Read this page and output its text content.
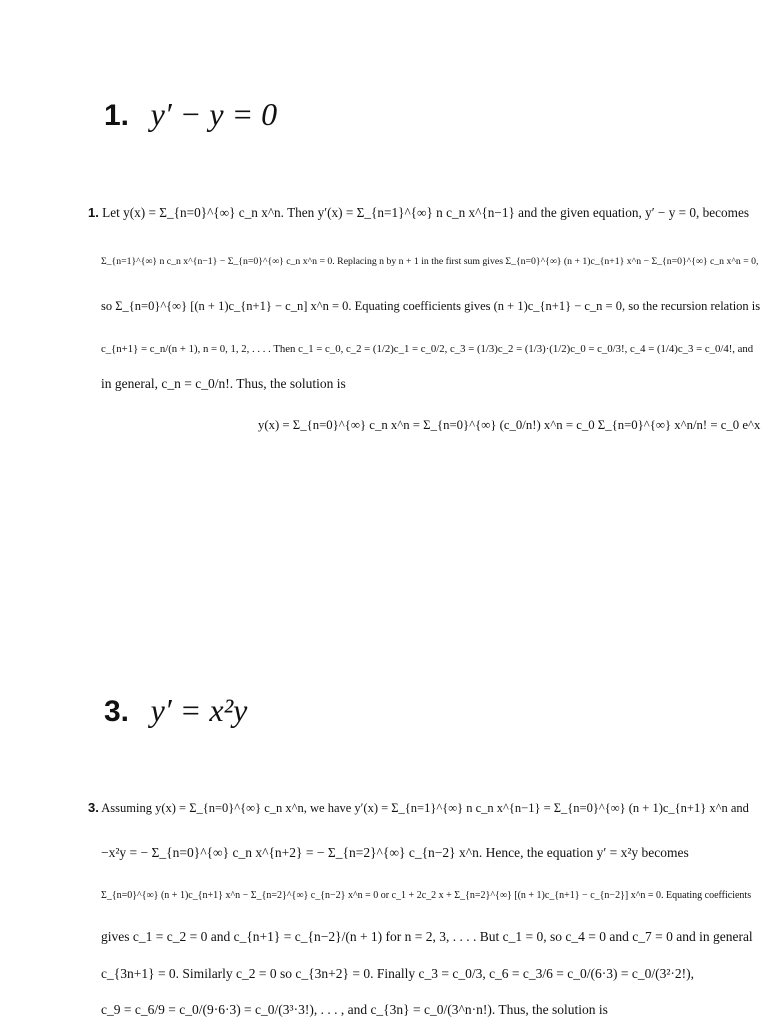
1. y′ − y = 0
1. Let y(x) = Σ_{n=0}^{∞} c_n x^n. Then y′(x) = Σ_{n=1}^{∞} n c_n x^{n−1} and the given equation, y′ − y = 0, becomes
Σ_{n=1}^{∞} n c_n x^{n−1} − Σ_{n=0}^{∞} c_n x^n = 0. Replacing n by n + 1 in the first sum gives Σ_{n=0}^{∞} (n + 1)c_{n+1} x^n − Σ_{n=0}^{∞} c_n x^n = 0,
so Σ_{n=0}^{∞} [(n + 1)c_{n+1} − c_n] x^n = 0. Equating coefficients gives (n + 1)c_{n+1} − c_n = 0, so the recursion relation is
c_{n+1} = c_n/(n + 1), n = 0, 1, 2, . . . . Then c_1 = c_0, c_2 = (1/2)c_1 = c_0/2, c_3 = (1/3)c_2 = (1/3)·(1/2)c_0 = c_0/3!, c_4 = (1/4)c_3 = c_0/4!, and
in general, c_n = c_0/n!. Thus, the solution is
y(x) = Σ_{n=0}^{∞} c_n x^n = Σ_{n=0}^{∞} (c_0/n!) x^n = c_0 Σ_{n=0}^{∞} x^n/n! = c_0 e^x
3. y′ = x²y
3. Assuming y(x) = Σ_{n=0}^{∞} c_n x^n, we have y′(x) = Σ_{n=1}^{∞} n c_n x^{n−1} = Σ_{n=0}^{∞} (n + 1)c_{n+1} x^n and
−x²y = − Σ_{n=0}^{∞} c_n x^{n+2} = − Σ_{n=2}^{∞} c_{n−2} x^n. Hence, the equation y′ = x²y becomes
Σ_{n=0}^{∞} (n + 1)c_{n+1} x^n − Σ_{n=2}^{∞} c_{n−2} x^n = 0 or c_1 + 2c_2 x + Σ_{n=2}^{∞} [(n + 1)c_{n+1} − c_{n−2}] x^n = 0. Equating coefficients
gives c_1 = c_2 = 0 and c_{n+1} = c_{n−2}/(n + 1) for n = 2, 3, . . . . But c_1 = 0, so c_4 = 0 and c_7 = 0 and in general
c_{3n+1} = 0. Similarly c_2 = 0 so c_{3n+2} = 0. Finally c_3 = c_0/3, c_6 = c_3/6 = c_0/(6·3) = c_0/(3²·2!),
c_9 = c_6/9 = c_0/(9·6·3) = c_0/(3³·3!), . . . , and c_{3n} = c_0/(3^n·n!). Thus, the solution is
